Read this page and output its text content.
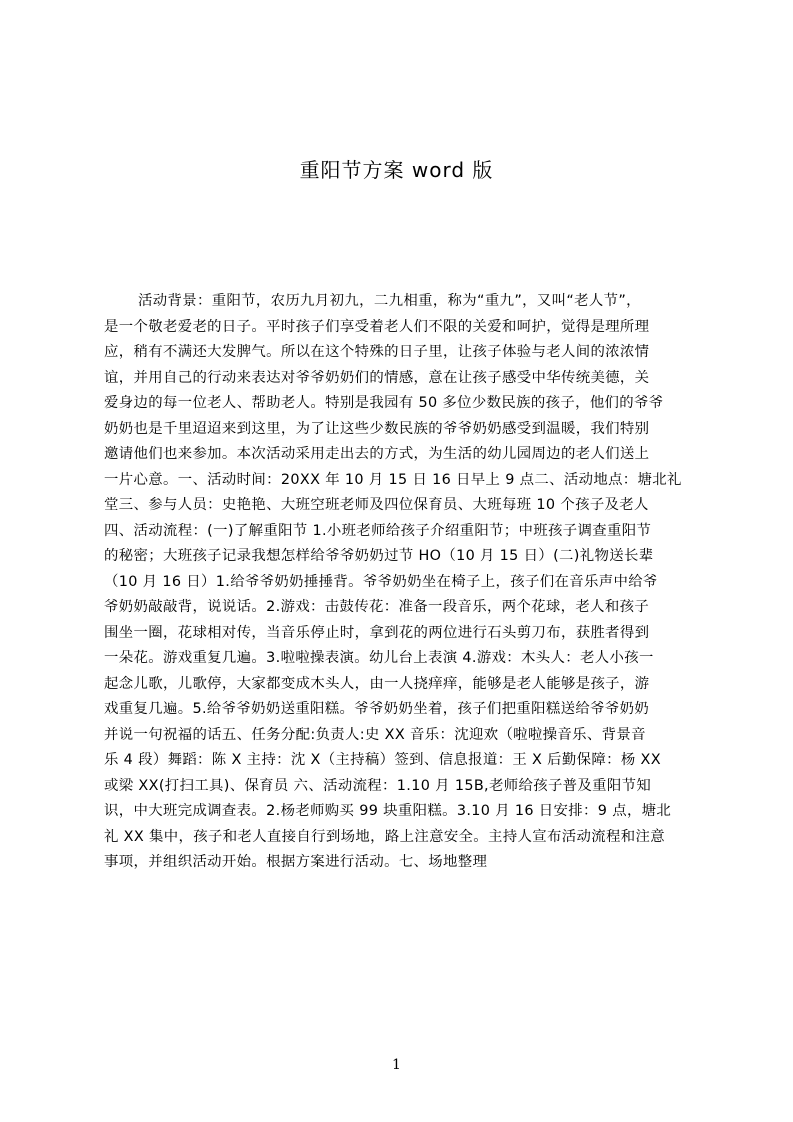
重阳节方案 word 版
活动背景：重阳节，农历九月初九，二九相重，称为“重九”，又叫“老人节”，
是一个敬老爱老的日子。平时孩子们享受着老人们不限的关爱和呵护，觉得是理所理
应，稍有不满还大发脾气。所以在这个特殊的日子里，让孩子体验与老人间的浓浓情
谊，并用自己的行动来表达对爷爷奶奶们的情感，意在让孩子感受中华传统美德，关
爱身边的每一位老人、帮助老人。特别是我园有 50 多位少数民族的孩子，他们的爷爷
奶奶也是千里迢迢来到这里，为了让这些少数民族的爷爷奶奶感受到温暖，我们特别
邀请他们也来参加。本次活动采用走出去的方式，为生活的幼儿园周边的老人们送上
一片心意。一、活动时间：20XX 年 10 月 15 日 16 日早上 9 点二、活动地点：塘北礼
堂三、参与人员：史艳艳、大班空班老师及四位保育员、大班每班 10 个孩子及老人
四、活动流程：(一)了解重阳节 1.小班老师给孩子介绍重阳节；中班孩子调查重阳节
的秘密；大班孩子记录我想怎样给爷爷奶奶过节 HO（10 月 15 日）(二)礼物送长辈
（10 月 16 日）1.给爷爷奶奶捶捶背。爷爷奶奶坐在椅子上，孩子们在音乐声中给爷
爷奶奶敲敲背，说说话。2.游戏：击鼓传花：准备一段音乐，两个花球，老人和孩子
围坐一圈，花球相对传，当音乐停止时，拿到花的两位进行石头剪刀布，获胜者得到
一朵花。游戏重复几遍。3.啦啦操表演。幼儿台上表演 4.游戏：木头人：老人小孩一
起念儿歌，儿歌停，大家都变成木头人，由一人挠痒痒，能够是老人能够是孩子，游
戏重复几遍。5.给爷爷奶奶送重阳糕。爷爷奶奶坐着，孩子们把重阳糕送给爷爷奶奶
并说一句祝福的话五、任务分配:负责人:史 XX 音乐：沈迎欢（啦啦操音乐、背景音
乐 4 段）舞蹈：陈 X 主持：沈 X（主持稿）签到、信息报道：王 X 后勤保障：杨 XX
或梁 XX(打扫工具)、保育员 六、活动流程：1.10 月 15B,老师给孩子普及重阳节知
识，中大班完成调查表。2.杨老师购买 99 块重阳糕。3.10 月 16 日安排：9 点，塘北
礼 XX 集中，孩子和老人直接自行到场地，路上注意安全。主持人宣布活动流程和注意
事项，并组织活动开始。根据方案进行活动。七、场地整理
1
